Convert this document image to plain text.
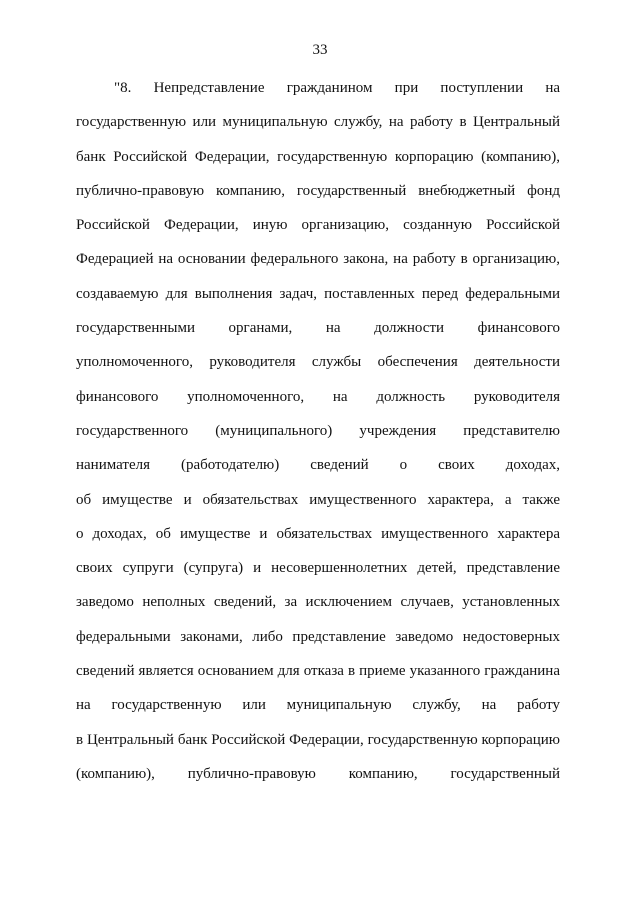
33
"8. Непредставление гражданином при поступлении на
государственную или муниципальную службу, на работу в Центральный
банк Российской Федерации, государственную корпорацию (компанию),
публично-правовую компанию, государственный внебюджетный фонд
Российской Федерации, иную организацию, созданную Российской
Федерацией на основании федерального закона, на работу в организацию,
создаваемую для выполнения задач, поставленных перед федеральными
государственными органами, на должности финансового
уполномоченного, руководителя службы обеспечения деятельности
финансового уполномоченного, на должность руководителя
государственного (муниципального) учреждения представителю
нанимателя (работодателю) сведений о своих доходах,
об имуществе и обязательствах имущественного характера, а также
о доходах, об имуществе и обязательствах имущественного характера
своих супруги (супруга) и несовершеннолетних детей, представление
заведомо неполных сведений, за исключением случаев, установленных
федеральными законами, либо представление заведомо недостоверных
сведений является основанием для отказа в приеме указанного гражданина
на государственную или муниципальную службу, на работу
в Центральный банк Российской Федерации, государственную корпорацию
(компанию), публично-правовую компанию, государственный
